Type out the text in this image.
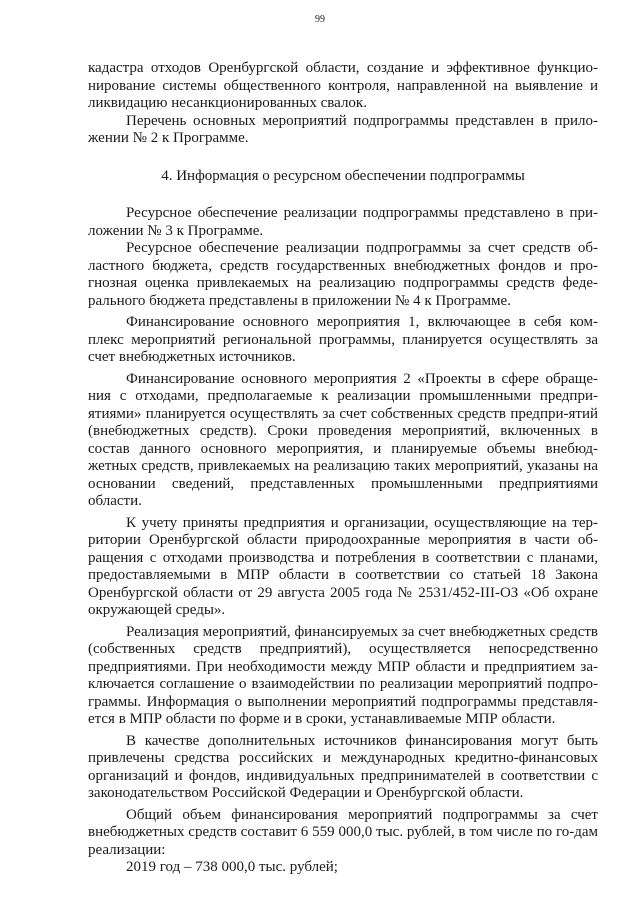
99

кадастра отходов Оренбургской области, создание и эффективное функцио-нирование системы общественного контроля, направленной на выявление и ликвидацию несанкционированных свалок.

Перечень основных мероприятий подпрограммы представлен в прило-жении № 2 к Программе.

4. Информация о ресурсном обеспечении подпрограммы

Ресурсное обеспечение реализации подпрограммы представлено в при-ложении № 3 к Программе.

Ресурсное обеспечение реализации подпрограммы за счет средств об-ластного бюджета, средств государственных внебюджетных фондов и про-гнозная оценка привлекаемых на реализацию подпрограммы средств феде-рального бюджета представлены в приложении № 4 к Программе.

Финансирование основного мероприятия 1, включающее в себя ком-плекс мероприятий региональной программы, планируется осуществлять за счет внебюджетных источников.

Финансирование основного мероприятия 2 «Проекты в сфере обраще-ния с отходами, предполагаемые к реализации промышленными предпри-ятиями» планируется осуществлять за счет собственных средств предпри-ятий (внебюджетных средств). Сроки проведения мероприятий, включенных в состав данного основного мероприятия, и планируемые объемы внебюд-жетных средств, привлекаемых на реализацию таких мероприятий, указаны на основании сведений, представленных промышленными предприятиями области.

К учету приняты предприятия и организации, осуществляющие на тер-ритории Оренбургской области природоохранные мероприятия в части об-ращения с отходами производства и потребления в соответствии с планами, предоставляемыми в МПР области в соответствии со статьей 18 Закона Оренбургской области от 29 августа 2005 года № 2531/452-III-ОЗ «Об охране окружающей среды».

Реализация мероприятий, финансируемых за счет внебюджетных средств (собственных средств предприятий), осуществляется непосредственно предприятиями. При необходимости между МПР области и предприятием за-ключается соглашение о взаимодействии по реализации мероприятий подпро-граммы. Информация о выполнении мероприятий подпрограммы представля-ется в МПР области по форме и в сроки, устанавливаемые МПР области.

В качестве дополнительных источников финансирования могут быть привлечены средства российских и международных кредитно-финансовых организаций и фондов, индивидуальных предпринимателей в соответствии с законодательством Российской Федерации и Оренбургской области.

Общий объем финансирования мероприятий подпрограммы за счет внебюджетных средств составит 6 559 000,0 тыс. рублей, в том числе по го-дам реализации:

2019 год – 738 000,0 тыс. рублей;
